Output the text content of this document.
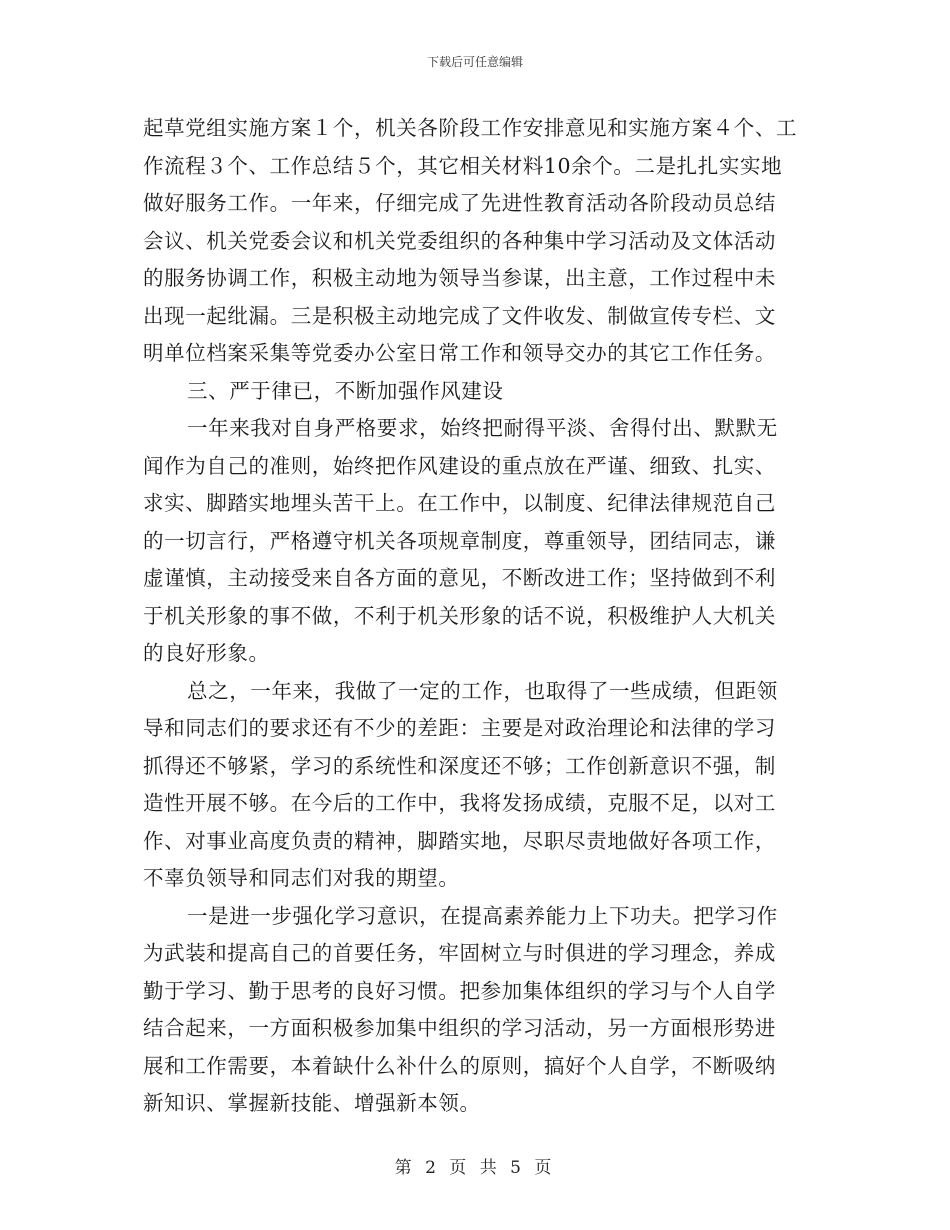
下载后可任意编辑
起草党组实施方案１个，机关各阶段工作安排意见和实施方案４个、工
作流程３个、工作总结５个，其它相关材料10余个。二是扎扎实实地
做好服务工作。一年来，仔细完成了先进性教育活动各阶段动员总结
会议、机关党委会议和机关党委组织的各种集中学习活动及文体活动
的服务协调工作，积极主动地为领导当参谋，出主意，工作过程中未
出现一起纰漏。三是积极主动地完成了文件收发、制做宣传专栏、文
明单位档案采集等党委办公室日常工作和领导交办的其它工作任务。
三、严于律已，不断加强作风建设
一年来我对自身严格要求，始终把耐得平淡、舍得付出、默默无
闻作为自己的准则，始终把作风建设的重点放在严谨、细致、扎实、
求实、脚踏实地埋头苦干上。在工作中，以制度、纪律法律规范自己
的一切言行，严格遵守机关各项规章制度，尊重领导，团结同志，谦
虚谨慎，主动接受来自各方面的意见，不断改进工作；坚持做到不利
于机关形象的事不做，不利于机关形象的话不说，积极维护人大机关
的良好形象。
总之，一年来，我做了一定的工作，也取得了一些成绩，但距领
导和同志们的要求还有不少的差距：主要是对政治理论和法律的学习
抓得还不够紧，学习的系统性和深度还不够；工作创新意识不强，制
造性开展不够。在今后的工作中，我将发扬成绩，克服不足，以对工
作、对事业高度负责的精神，脚踏实地，尽职尽责地做好各项工作，
不辜负领导和同志们对我的期望。
一是进一步强化学习意识，在提高素养能力上下功夫。把学习作
为武装和提高自己的首要任务，牢固树立与时俱进的学习理念，养成
勤于学习、勤于思考的良好习惯。把参加集体组织的学习与个人自学
结合起来，一方面积极参加集中组织的学习活动，另一方面根形势进
展和工作需要，本着缺什么补什么的原则，搞好个人自学，不断吸纳
新知识、掌握新技能、增强新本领。
第 2 页 共 5 页
